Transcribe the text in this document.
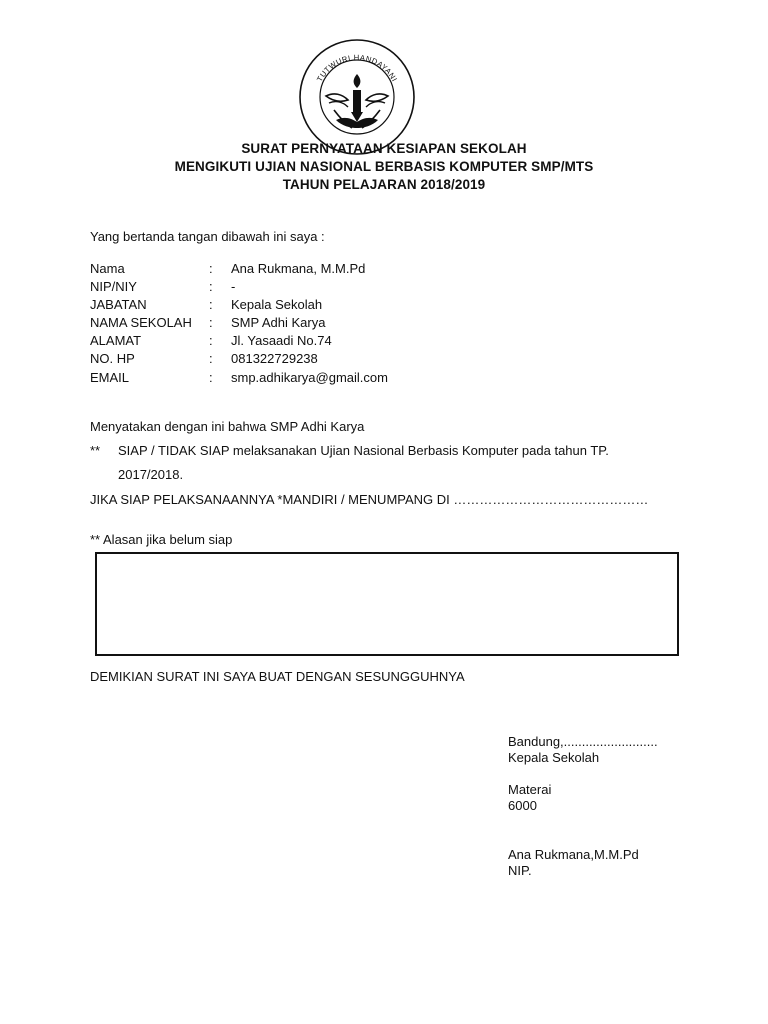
TUTWURI HANDAYANI
SURAT PERNYATAAN KESIAPAN SEKOLAH
MENGIKUTI UJIAN NASIONAL BERBASIS KOMPUTER SMP/MTS
TAHUN PELAJARAN 2018/2019
Yang bertanda tangan dibawah ini saya :
Nama	: Ana Rukmana, M.M.Pd
NIP/NIY	: -
JABATAN	: Kepala Sekolah
NAMA SEKOLAH : SMP Adhi Karya
ALAMAT	: Jl. Yasaadi No.74
NO. HP	: 081322729238
EMAIL	: smp.adhikarya@gmail.com
Menyatakan dengan ini bahwa SMP Adhi Karya
** SIAP / TIDAK SIAP melaksanakan Ujian Nasional Berbasis Komputer pada tahun TP.
2017/2018.
JIKA SIAP PELAKSANAANNYA *MANDIRI / MENUMPANG DI ………………………………………
** Alasan jika belum siap
DEMIKIAN SURAT INI SAYA BUAT DENGAN SESUNGGUHNYA
Bandung,..........................
Kepala Sekolah
Materai
6000
Ana Rukmana,M.M.Pd
NIP.
